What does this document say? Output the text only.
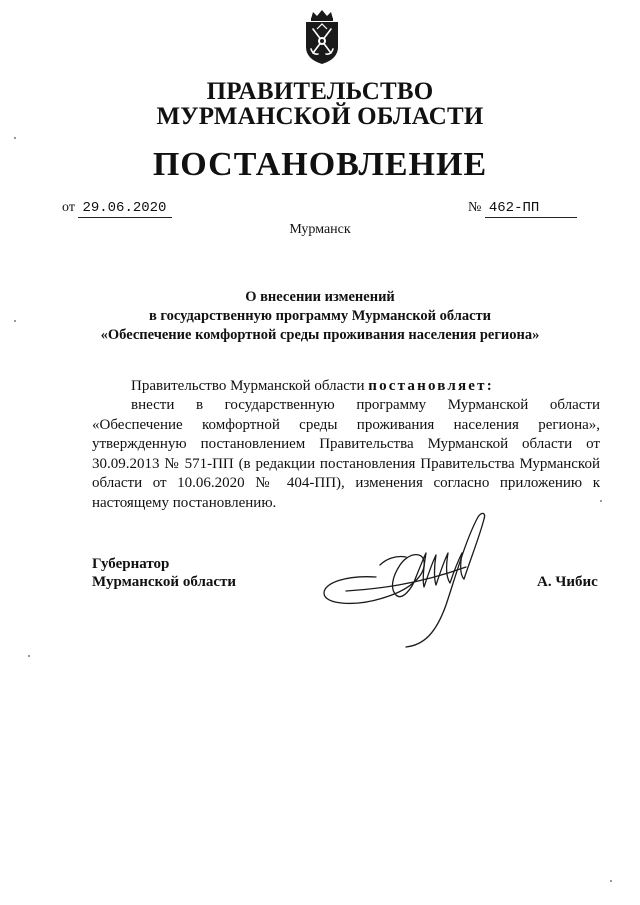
ПРАВИТЕЛЬСТВО
МУРМАНСКОЙ ОБЛАСТИ
ПОСТАНОВЛЕНИЕ
от 29.06.2020	№ 462-ПП
Мурманск
О внесении изменений
в государственную программу Мурманской области
«Обеспечение комфортной среды проживания населения региона»
Правительство Мурманской области постановляет:
внести в государственную программу Мурманской области
«Обеспечение комфортной среды проживания населения региона»,
утвержденную постановлением Правительства Мурманской области от
30.09.2013 № 571-ПП (в редакции постановления Правительства Мурманской
области от 10.06.2020 № 404-ПП), изменения согласно приложению к
настоящему постановлению.
Губернатор
Мурманской области	А. Чибис
